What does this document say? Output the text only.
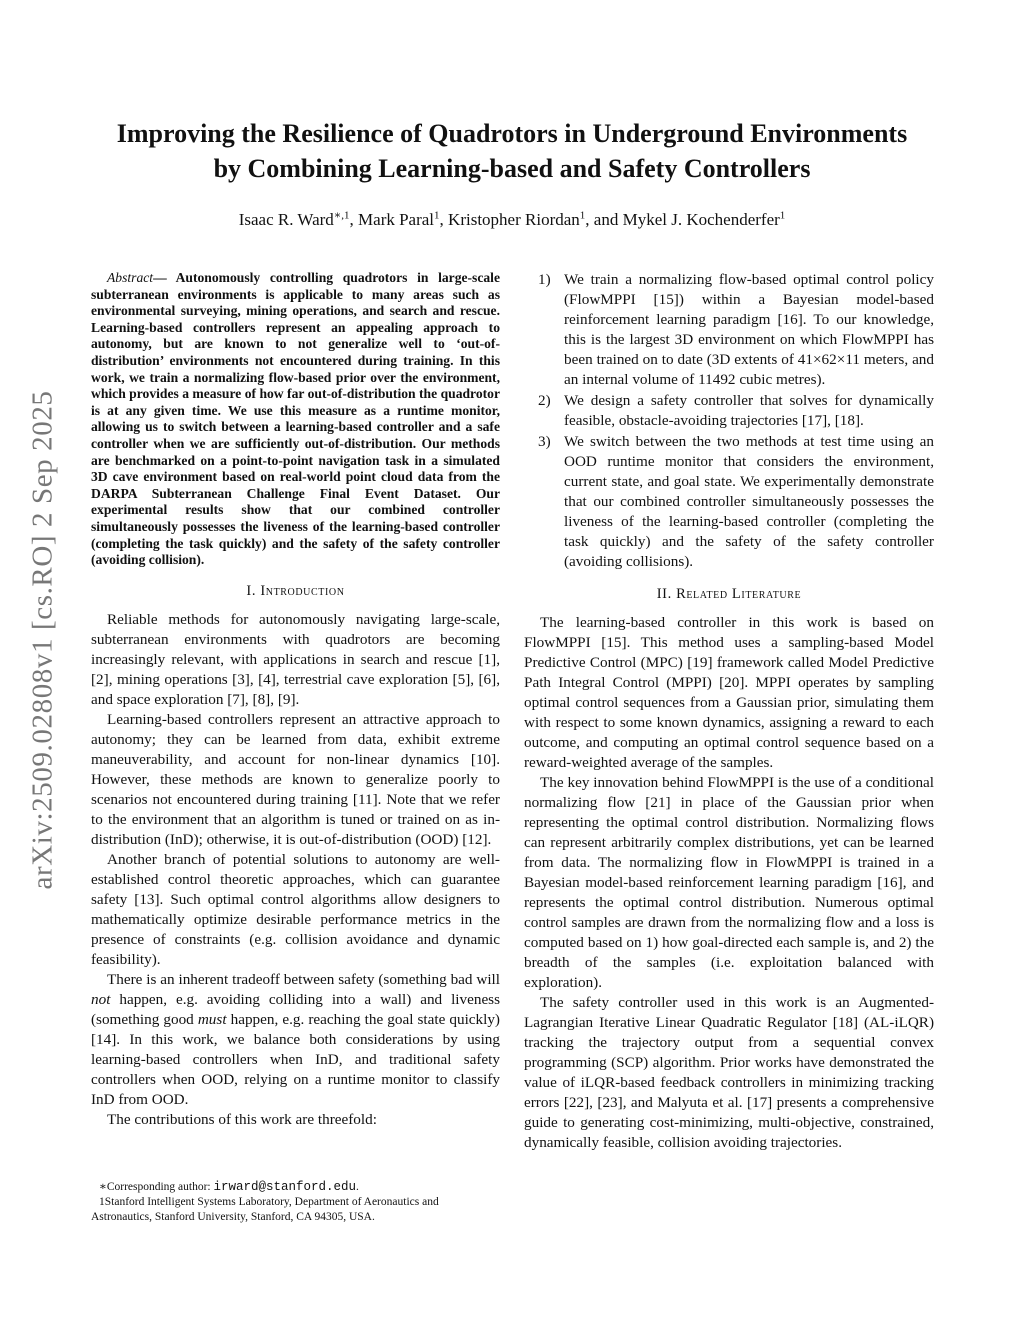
arXiv:2509.02808v1 [cs.RO] 2 Sep 2025
Improving the Resilience of Quadrotors in Underground Environments
by Combining Learning-based and Safety Controllers
Isaac R. Ward$^{∗,1}$, Mark Paral$^1$, Kristopher Riordan$^1$, and Mykel J. Kochenderfer$^1$

Abstract— Autonomously controlling quadrotors in large-scale subterranean environments is applicable to many areas such as environmental surveying, mining operations, and search and rescue. Learning-based controllers represent an appealing approach to autonomy, but are known to not generalize well to ‘out-of-distribution’ environments not encountered during training. In this work, we train a normalizing flow-based prior over the environment, which provides a measure of how far out-of-distribution the quadrotor is at any given time. We use this measure as a runtime monitor, allowing us to switch between a learning-based controller and a safe controller when we are sufficiently out-of-distribution. Our methods are benchmarked on a point-to-point navigation task in a simulated 3D cave environment based on real-world point cloud data from the DARPA Subterranean Challenge Final Event Dataset. Our experimental results show that our combined controller simultaneously possesses the liveness of the learning-based controller (completing the task quickly) and the safety of the safety controller (avoiding collision).

I. Introduction

Reliable methods for autonomously navigating large-scale, subterranean environments with quadrotors are becoming increasingly relevant, with applications in search and rescue [1], [2], mining operations [3], [4], terrestrial cave exploration [5], [6], and space exploration [7], [8], [9].

Learning-based controllers represent an attractive approach to autonomy; they can be learned from data, exhibit extreme maneuverability, and account for non-linear dynamics [10]. However, these methods are known to generalize poorly to scenarios not encountered during training [11]. Note that we refer to the environment that an algorithm is tuned or trained on as in-distribution (InD); otherwise, it is out-of-distribution (OOD) [12].

Another branch of potential solutions to autonomy are well-established control theoretic approaches, which can guarantee safety [13]. Such optimal control algorithms allow designers to mathematically optimize desirable performance metrics in the presence of constraints (e.g. collision avoidance and dynamic feasibility).

There is an inherent tradeoff between safety (something bad will not happen, e.g. avoiding colliding into a wall) and liveness (something good must happen, e.g. reaching the goal state quickly) [14]. In this work, we balance both considerations by using learning-based controllers when InD, and traditional safety controllers when OOD, relying on a runtime monitor to classify InD from OOD.

The contributions of this work are threefold:

∗Corresponding author: irward@stanford.edu.
1Stanford Intelligent Systems Laboratory, Department of Aeronautics and Astronautics, Stanford University, Stanford, CA 94305, USA.
1) We train a normalizing flow-based optimal control policy (FlowMPPI [15]) within a Bayesian model-based reinforcement learning paradigm [16]. To our knowledge, this is the largest 3D environment on which FlowMPPI has been trained on to date (3D extents of 41×62×11 meters, and an internal volume of 11492 cubic metres).
2) We design a safety controller that solves for dynamically feasible, obstacle-avoiding trajectories [17], [18].
3) We switch between the two methods at test time using an OOD runtime monitor that considers the environment, current state, and goal state. We experimentally demonstrate that our combined controller simultaneously possesses the liveness of the learning-based controller (completing the task quickly) and the safety of the safety controller (avoiding collisions).
II. Related Literature

The learning-based controller in this work is based on FlowMPPI [15]. This method uses a sampling-based Model Predictive Control (MPC) [19] framework called Model Predictive Path Integral Control (MPPI) [20]. MPPI operates by sampling optimal control sequences from a Gaussian prior, simulating them with respect to some known dynamics, assigning a reward to each outcome, and computing an optimal control sequence based on a reward-weighted average of the samples.

The key innovation behind FlowMPPI is the use of a conditional normalizing flow [21] in place of the Gaussian prior when representing the optimal control distribution. Normalizing flows can represent arbitrarily complex distributions, yet can be learned from data. The normalizing flow in FlowMPPI is trained in a Bayesian model-based reinforcement learning paradigm [16], and represents the optimal control distribution. Numerous optimal control samples are drawn from the normalizing flow and a loss is computed based on 1) how goal-directed each sample is, and 2) the breadth of the samples (i.e. exploitation balanced with exploration).

The safety controller used in this work is an Augmented-Lagrangian Iterative Linear Quadratic Regulator [18] (AL-iLQR) tracking the trajectory output from a sequential convex programming (SCP) algorithm. Prior works have demonstrated the value of iLQR-based feedback controllers in minimizing tracking errors [22], [23], and Malyuta et al. [17] presents a comprehensive guide to generating cost-minimizing, multi-objective, constrained, dynamically feasible, collision avoiding trajectories.
